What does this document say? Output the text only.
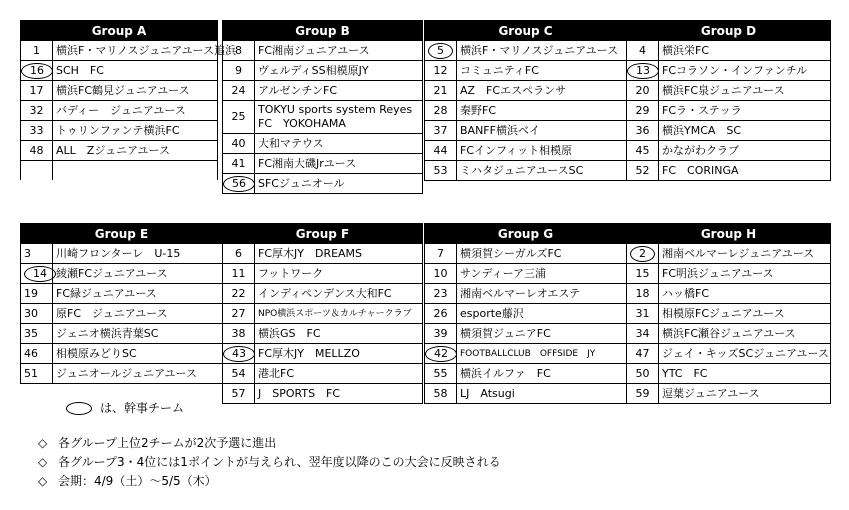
Group A	
1	横浜F・マリノスジュニアユース追浜
16	SCH　FC
17	横浜FC鶴見ジュニアユース
32	バディー　ジュニアユース
33	トゥリンファンテ横浜FC
48	ALL　Zジュニアユース

Group B	
8	FC湘南ジュニアユース
9	ヴェルディSS相模原JY
24	アルゼンチンFC
25	TOKYU sports system Reyes FC　YOKOHAMA
40	大和マテウス
41	FC湘南大磯Jrユース
56	SFCジュニオール
Group C	
5	横浜F・マリノスジュニアユース
12	コミュニティFC
21	AZ　FCエスペランサ
28	秦野FC
37	BANFF横浜ベイ
44	FCインフィット相模原
53	ミハタジュニアユースSC
Group D	
4	横浜栄FC
13	FCコラソン・インファンチル
20	横浜FC泉ジュニアユース
29	FCラ・ステッラ
36	横浜YMCA　SC
45	かながわクラブ
52	FC　CORINGA
Group E	
3	川崎フロンターレ　U-15
14	綾瀬FCジュニアユース
19	FC緑ジュニアユース
30	原FC　ジュニアユース
35	ジェニオ横浜青葉SC
46	相模原みどりSC
51	ジュニオールジュニアユース
Group F	
6	FC厚木JY　DREAMS
11	フットワーク
22	インディペンデンス大和FC
27	NPO横浜スポーツ＆カルチャークラブ
38	横浜GS　FC
43	FC厚木JY　MELLZO
54	港北FC
57	J　SPORTS　FC
Group G	
7	横須賀シーガルズFC
10	サンディーア三浦
23	湘南ベルマーレオエステ
26	esporte藤沢
39	横須賀ジュニアFC
42	FOOTBALLCLUB　OFFSIDE　JY
55	横浜イルファ　FC
58	LJ　Atsugi
Group H	
2	湘南ベルマーレジュニアユース
15	FC明浜ジュニアユース
18	ハッ橋FC
31	相模原FCジュニアユース
34	横浜FC瀬谷ジュニアユース
47	ジェイ・キッズSCジュニアユース
50	YTC　FC
59	逗葉ジュニアユース
は、幹事チーム
◇ 各グループ上位2チームが2次予選に進出
◇ 各グループ3・4位には1ポイントが与えられ、翌年度以降のこの大会に反映される
◇ 会期：4/9（土）～5/5（木）
